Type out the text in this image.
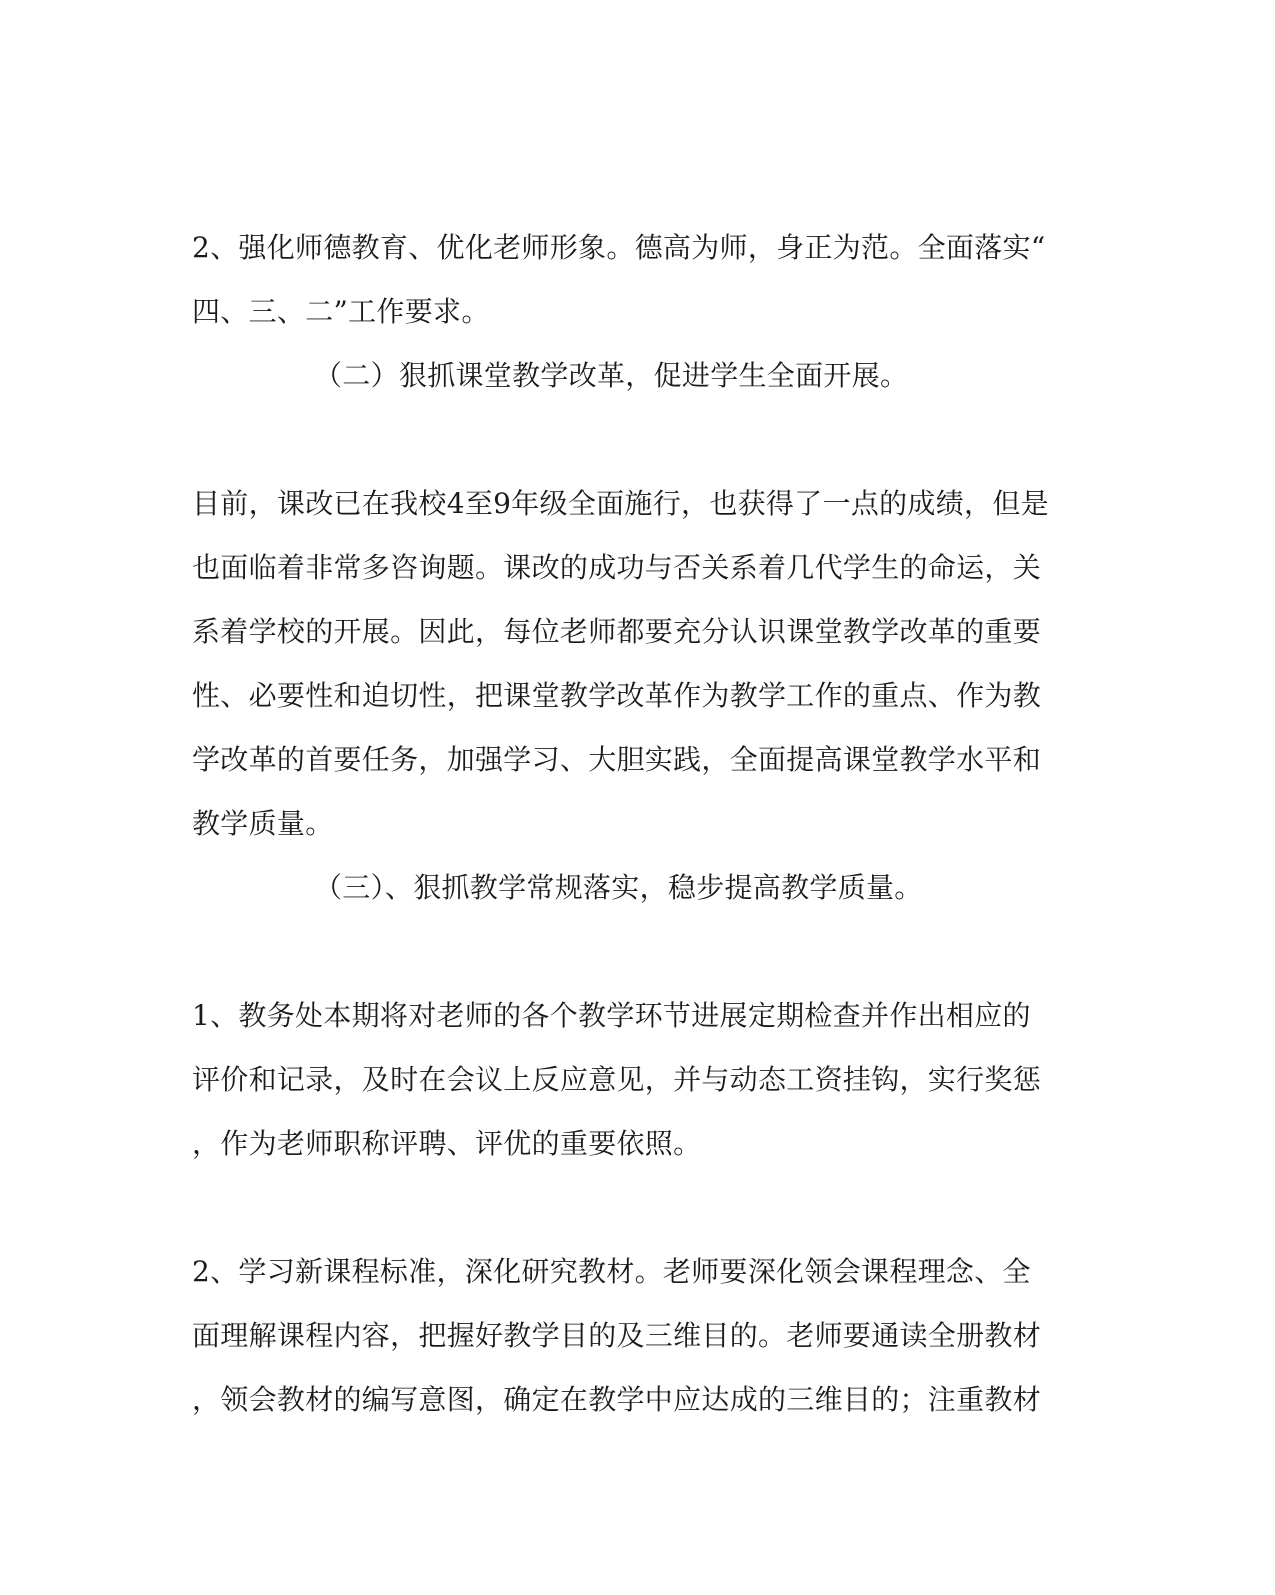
2、强化师德教育、优化老师形象。德高为师，身正为范。全面落实“

四、三、二”工作要求。

（二）狠抓课堂教学改革，促进学生全面开展。

目前，课改已在我校4至9年级全面施行，也获得了一点的成绩，但是

也面临着非常多咨询题。课改的成功与否关系着几代学生的命运，关

系着学校的开展。因此，每位老师都要充分认识课堂教学改革的重要

性、必要性和迫切性，把课堂教学改革作为教学工作的重点、作为教

学改革的首要任务，加强学习、大胆实践，全面提高课堂教学水平和

教学质量。

（三）、狠抓教学常规落实，稳步提高教学质量。

1、教务处本期将对老师的各个教学环节进展定期检查并作出相应的

评价和记录，及时在会议上反应意见，并与动态工资挂钩，实行奖惩

，作为老师职称评聘、评优的重要依照。

2、学习新课程标准，深化研究教材。老师要深化领会课程理念、全

面理解课程内容，把握好教学目的及三维目的。老师要通读全册教材

，领会教材的编写意图，确定在教学中应达成的三维目的；注重教材
